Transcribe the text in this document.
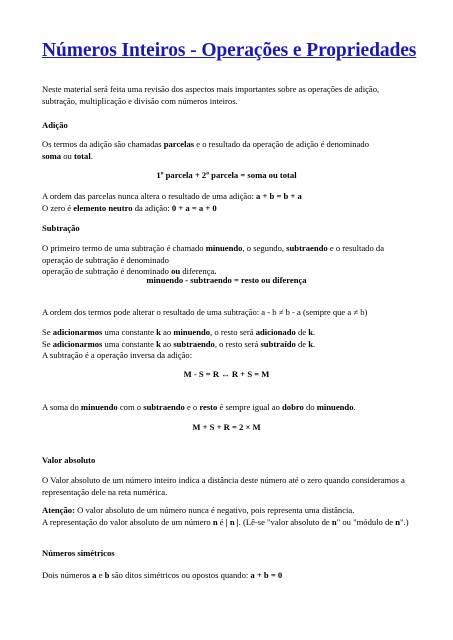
Números Inteiros - Operações e Propriedades

Neste material será feita uma revisão dos aspectos mais importantes sobre as operações de adição, subtração, multiplicação e divisão com números inteiros.

Adição

Os termos da adição são chamadas parcelas e o resultado da operação de adição é denominado
soma ou total.

1º parcela + 2º parcela = soma ou total

A ordem das parcelas nunca altera o resultado de uma adição: a + b = b + a
O zero é elemento neutro da adição: 0 + a = a + 0

Subtração

O primeiro termo de uma subtração é chamado minuendo, o segundo, subtraendo e o resultado da operação de subtração é denominado
operação de subtração é denominado ou diferença.

minuendo - subtraendo = resto ou diferença

A ordem dos termos pode alterar o resultado de uma subtração: a - b ≠ b - a (sempre que a ≠ b)

Se adicionarmos uma constante k ao minuendo, o resto será adicionado de k.
Se adicionarmos uma constante k ao subtraendo, o resto será subtraído de k.
A subtração é a operação inversa da adição:

M - S = R ↔ R + S = M

A soma do minuendo com o subtraendo e o resto é sempre igual ao dobro do minuendo.

M + S + R = 2 × M

Valor absoluto

O Valor absoluto de um número inteiro indica a distância deste número até o zero quando consideramos a representação dele na reta numérica.

Atenção: O valor absoluto de um número nunca é negativo, pois representa uma distância.
A representação do valor absoluto de um número n é | n |. (Lê-se "valor absoluto de n" ou "módulo de n".)

Números simétricos

Dois números a e b são ditos simétricos ou opostos quando: a + b = 0
